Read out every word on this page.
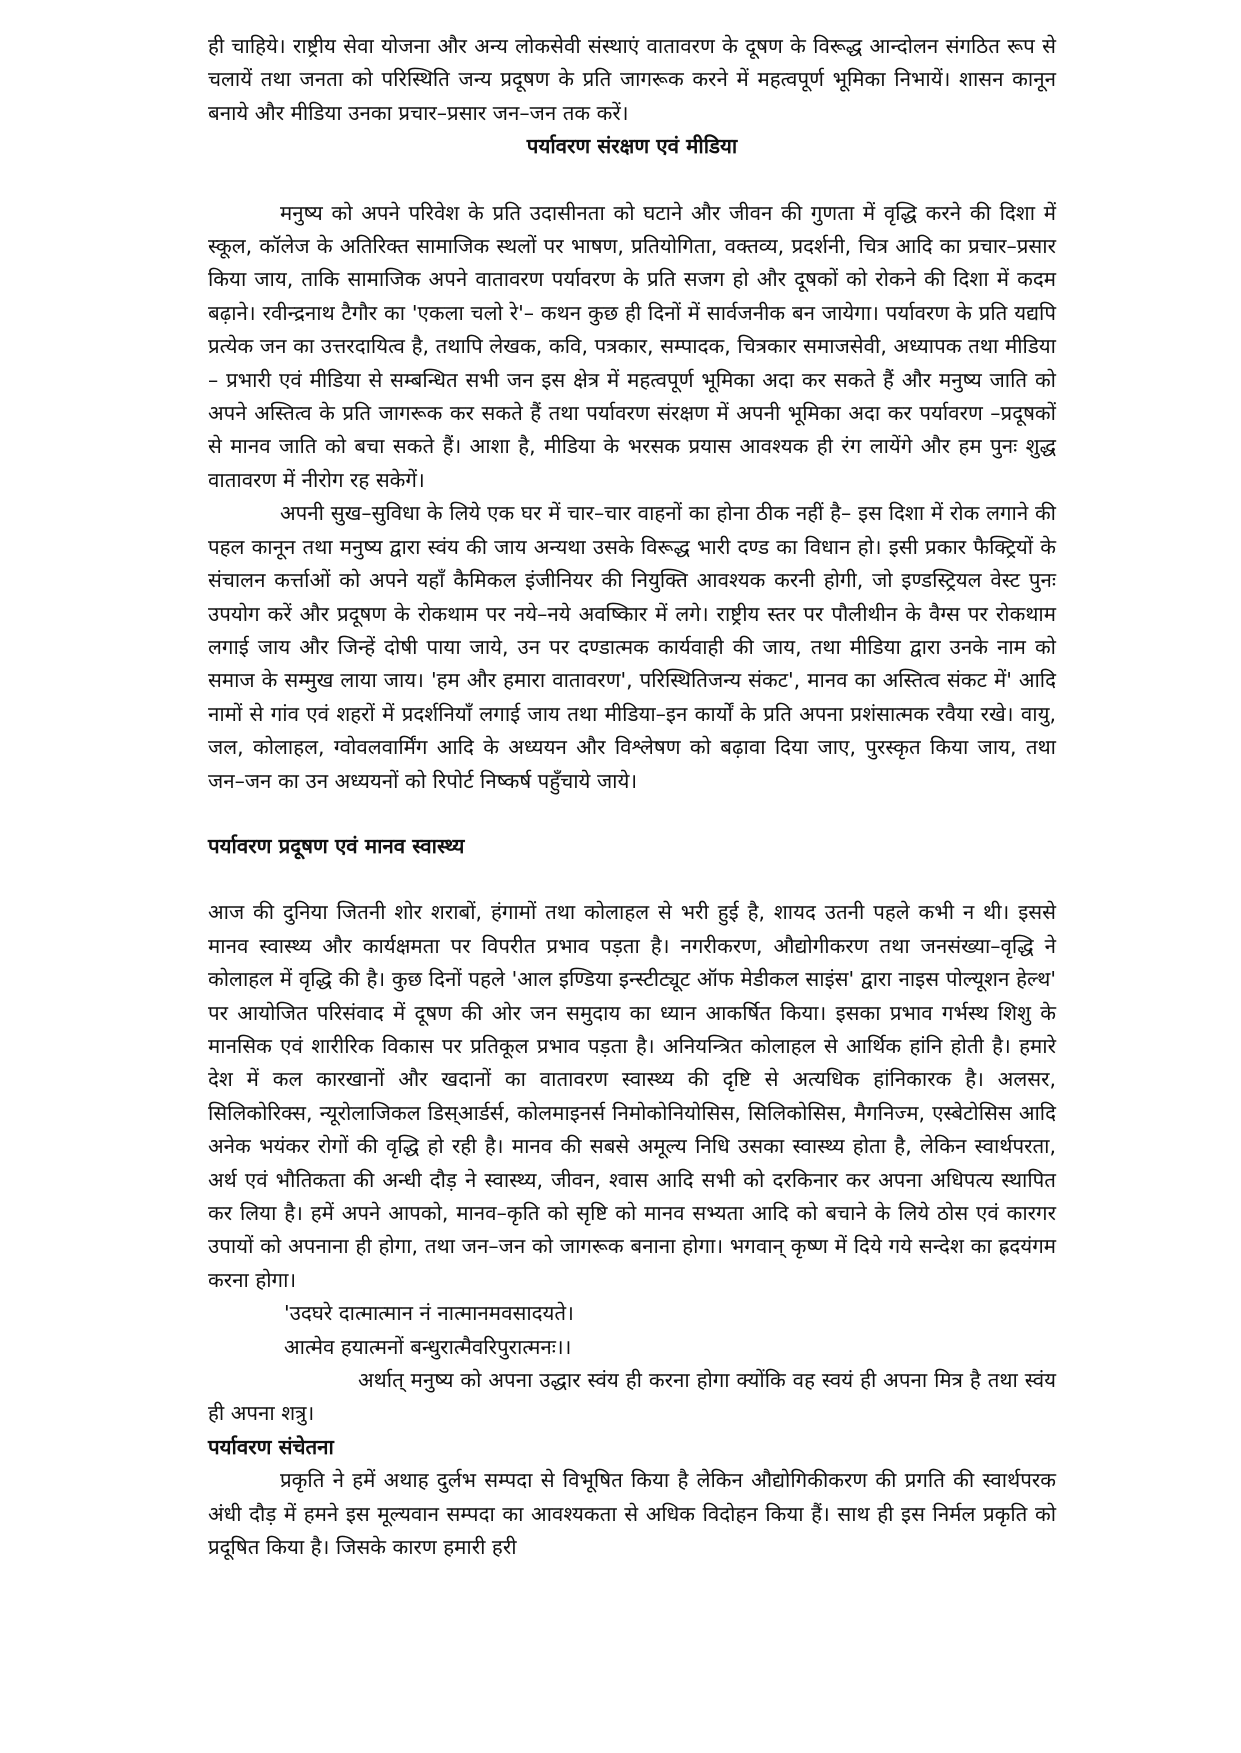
ही चाहिये। राष्ट्रीय सेवा योजना और अन्य लोकसेवी संस्थाएं वातावरण के दूषण के विरूद्ध आन्दोलन संगठित रूप से चलायें तथा जनता को परिस्थिति जन्य प्रदूषण के प्रति जागरूक करने में महत्वपूर्ण भूमिका निभायें। शासन कानून बनाये और मीडिया उनका प्रचार–प्रसार जन–जन तक करें।

पर्यावरण संरक्षण एवं मीडिया

मनुष्य को अपने परिवेश के प्रति उदासीनता को घटाने और जीवन की गुणता में वृद्धि करने की दिशा में स्कूल, कॉलेज के अतिरिक्त सामाजिक स्थलों पर भाषण, प्रतियोगिता, वक्तव्य, प्रदर्शनी, चित्र आदि का प्रचार–प्रसार किया जाय, ताकि सामाजिक अपने वातावरण पर्यावरण के प्रति सजग हो और दूषकों को रोकने की दिशा में कदम बढ़ाने। रवीन्द्रनाथ टैगौर का 'एकला चलो रे'– कथन कुछ ही दिनों में सार्वजनीक बन जायेगा। पर्यावरण के प्रति यद्यपि प्रत्येक जन का उत्तरदायित्व है, तथापि लेखक, कवि, पत्रकार, सम्पादक, चित्रकार समाजसेवी, अध्यापक तथा मीडिया – प्रभारी एवं मीडिया से सम्बन्धित सभी जन इस क्षेत्र में महत्वपूर्ण भूमिका अदा कर सकते हैं और मनुष्य जाति को अपने अस्तित्व के प्रति जागरूक कर सकते हैं तथा पर्यावरण संरक्षण में अपनी भूमिका अदा कर पर्यावरण –प्रदूषकों से मानव जाति को बचा सकते हैं। आशा है, मीडिया के भरसक प्रयास आवश्यक ही रंग लायेंगे और हम पुनः शुद्ध वातावरण में नीरोग रह सकेगें।

अपनी सुख–सुविधा के लिये एक घर में चार–चार वाहनों का होना ठीक नहीं है– इस दिशा में रोक लगाने की पहल कानून तथा मनुष्य द्वारा स्वंय की जाय अन्यथा उसके विरूद्ध भारी दण्ड का विधान हो। इसी प्रकार फैक्ट्रियों के संचालन कर्त्ताओं को अपने यहाँ कैमिकल इंजीनियर की नियुक्ति आवश्यक करनी होगी, जो इण्डस्ट्रियल वेस्ट पुनः उपयोग करें और प्रदूषण के रोकथाम पर नये–नये अवष्किार में लगे। राष्ट्रीय स्तर पर पौलीथीन के वैग्स पर रोकथाम लगाई जाय और जिन्हें दोषी पाया जाये, उन पर दण्डात्मक कार्यवाही की जाय, तथा मीडिया द्वारा उनके नाम को समाज के सम्मुख लाया जाय। 'हम और हमारा वातावरण', परिस्थितिजन्य संकट', मानव का अस्तित्व संकट में' आदि नामों से गांव एवं शहरों में प्रदर्शनियाँ लगाई जाय तथा मीडिया–इन कार्यों के प्रति अपना प्रशंसात्मक रवैया रखे। वायु, जल, कोलाहल, ग्वोवलवार्मिंग आदि के अध्ययन और विश्लेषण को बढ़ावा दिया जाए, पुरस्कृत किया जाय, तथा जन–जन का उन अध्ययनों को रिपोर्ट निष्कर्ष पहुँचाये जाये।

पर्यावरण प्रदूषण एवं मानव स्वास्थ्य

आज की दुनिया जितनी शोर शराबों, हंगामों तथा कोलाहल से भरी हुई है, शायद उतनी पहले कभी न थी। इससे मानव स्वास्थ्य और कार्यक्षमता पर विपरीत प्रभाव पड़ता है। नगरीकरण, औद्योगीकरण तथा जनसंख्या–वृद्धि ने कोलाहल में वृद्धि की है। कुछ दिनों पहले 'आल इण्डिया इन्स्टीट्यूट ऑफ मेडीकल साइंस' द्वारा नाइस पोल्यूशन हेल्थ' पर आयोजित परिसंवाद में दूषण की ओर जन समुदाय का ध्यान आकर्षित किया। इसका प्रभाव गर्भस्थ शिशु के मानसिक एवं शारीरिक विकास पर प्रतिकूल प्रभाव पड़ता है। अनियन्त्रित कोलाहल से आर्थिक हांनि होती है। हमारे देश में कल कारखानों और खदानों का वातावरण स्वास्थ्य की दृष्टि से अत्यधिक हांनिकारक है। अलसर, सिलिकोरिक्स, न्यूरोलाजिकल डिस्आर्डर्स, कोलमाइनर्स निमोकोनियोसिस, सिलिकोसिस, मैगनिज्म, एस्बेटोसिस आदि अनेक भयंकर रोगों की वृद्धि हो रही है। मानव की सबसे अमूल्य निधि उसका स्वास्थ्य होता है, लेकिन स्वार्थपरता, अर्थ एवं भौतिकता की अन्धी दौड़ ने स्वास्थ्य, जीवन, श्वास आदि सभी को दरकिनार कर अपना अधिपत्य स्थापित कर लिया है। हमें अपने आपको, मानव–कृति को सृष्टि को मानव सभ्यता आदि को बचाने के लिये ठोस एवं कारगर उपायों को अपनाना ही होगा, तथा जन–जन को जागरूक बनाना होगा। भगवान् कृष्ण में दिये गये सन्देश का ह्रदयंगम करना होगा।

'उदघरे दात्मात्मान नं नात्मानमवसादयते।

आत्मेव हयात्मनों बन्धुरात्मैवरिपुरात्मनः।।

अर्थात् मनुष्य को अपना उद्धार स्वंय ही करना होगा क्योंकि वह स्वयं ही अपना मित्र है तथा स्वंय ही अपना शत्रु।

पर्यावरण संचेतना

प्रकृति ने हमें अथाह दुर्लभ सम्पदा से विभूषित किया है लेकिन औद्योगिकीकरण की प्रगति की स्वार्थपरक अंधी दौड़ में हमने इस मूल्यवान सम्पदा का आवश्यकता से अधिक विदोहन किया हैं। साथ ही इस निर्मल प्रकृति को प्रदूषित किया है। जिसके कारण हमारी हरी
